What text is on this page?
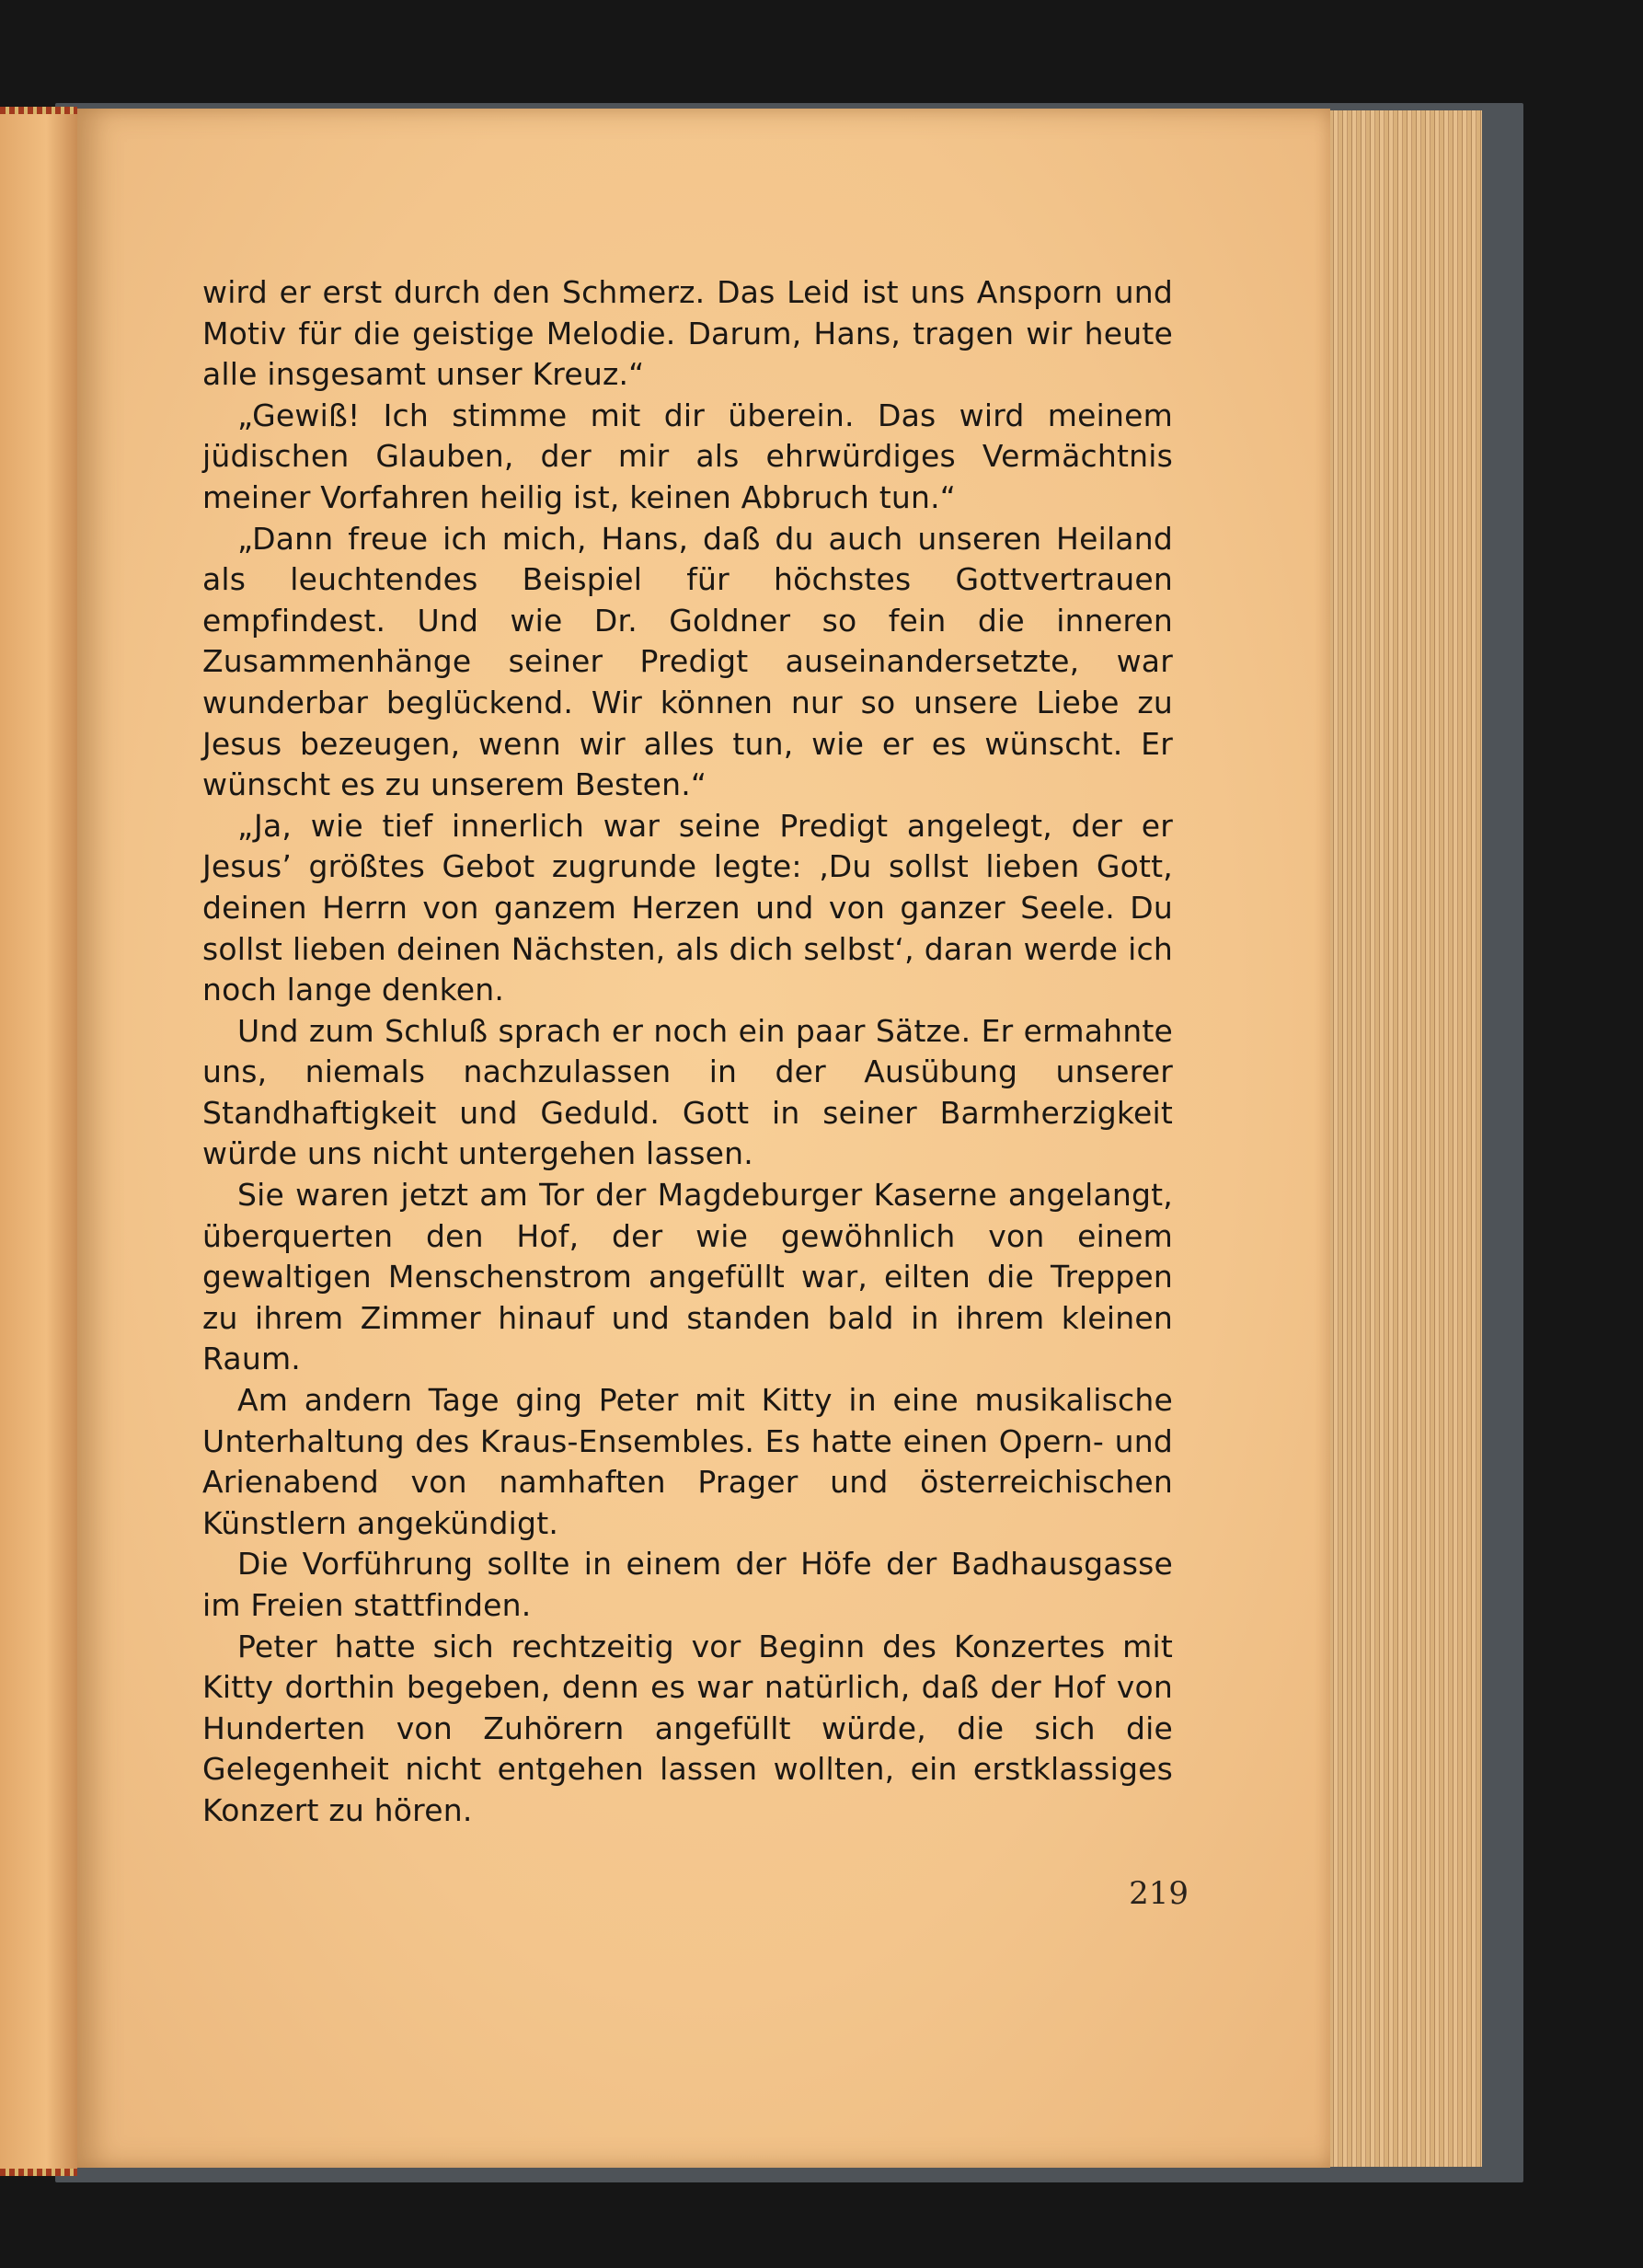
wird er erst durch den Schmerz. Das Leid ist uns Ansporn und Motiv für die geistige Melodie. Darum, Hans, tragen wir heute alle insgesamt unser Kreuz.“

„Gewiß! Ich stimme mit dir überein. Das wird meinem jüdischen Glauben, der mir als ehrwürdiges Vermächtnis meiner Vorfahren heilig ist, keinen Abbruch tun.“

„Dann freue ich mich, Hans, daß du auch unseren Heiland als leuchtendes Beispiel für höchstes Gottvertrauen empfindest. Und wie Dr. Goldner so fein die inneren Zusammenhänge seiner Predigt auseinandersetzte, war wunderbar beglückend. Wir können nur so unsere Liebe zu Jesus bezeugen, wenn wir alles tun, wie er es wünscht. Er wünscht es zu unserem Besten.“

„Ja, wie tief innerlich war seine Predigt angelegt, der er Jesus’ größtes Gebot zugrunde legte: ‚Du sollst lieben Gott, deinen Herrn von ganzem Herzen und von ganzer Seele. Du sollst lieben deinen Nächsten, als dich selbst‘, daran werde ich noch lange denken.

Und zum Schluß sprach er noch ein paar Sätze. Er ermahnte uns, niemals nachzulassen in der Ausübung unserer Standhaftigkeit und Geduld. Gott in seiner Barmherzigkeit würde uns nicht untergehen lassen.

Sie waren jetzt am Tor der Magdeburger Kaserne angelangt, überquerten den Hof, der wie gewöhnlich von einem gewaltigen Menschenstrom angefüllt war, eilten die Treppen zu ihrem Zimmer hinauf und standen bald in ihrem kleinen Raum.

Am andern Tage ging Peter mit Kitty in eine musikalische Unterhaltung des Kraus-Ensembles. Es hatte einen Opern- und Arienabend von namhaften Prager und österreichischen Künstlern angekündigt.

Die Vorführung sollte in einem der Höfe der Badhausgasse im Freien stattfinden.

Peter hatte sich rechtzeitig vor Beginn des Konzertes mit Kitty dorthin begeben, denn es war natürlich, daß der Hof von Hunderten von Zuhörern angefüllt würde, die sich die Gelegenheit nicht entgehen lassen wollten, ein erstklassiges Konzert zu hören.

219
